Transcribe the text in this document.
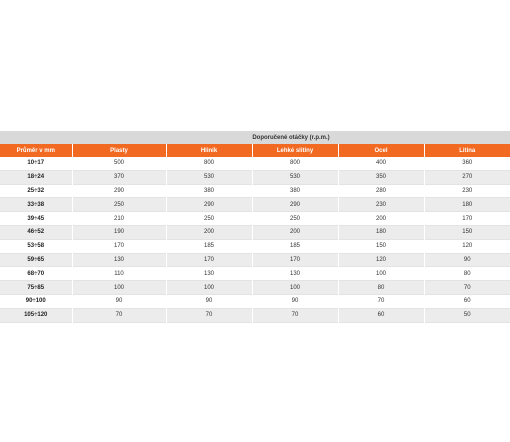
	Doporučené otáčky (r.p.m.)				
Průměr v mm	Plasty	Hliník	Lehké slitiny	Ocel	Litina
10÷17	500	800	800	400	360
18÷24	370	530	530	350	270
25÷32	290	380	380	280	230
33÷38	250	290	290	230	180
39÷45	210	250	250	200	170
46÷52	190	200	200	180	150
53÷58	170	185	185	150	120
59÷65	130	170	170	120	90
68÷70	110	130	130	100	80
75÷85	100	100	100	80	70
90÷100	90	90	90	70	60
105÷120	70	70	70	60	50
